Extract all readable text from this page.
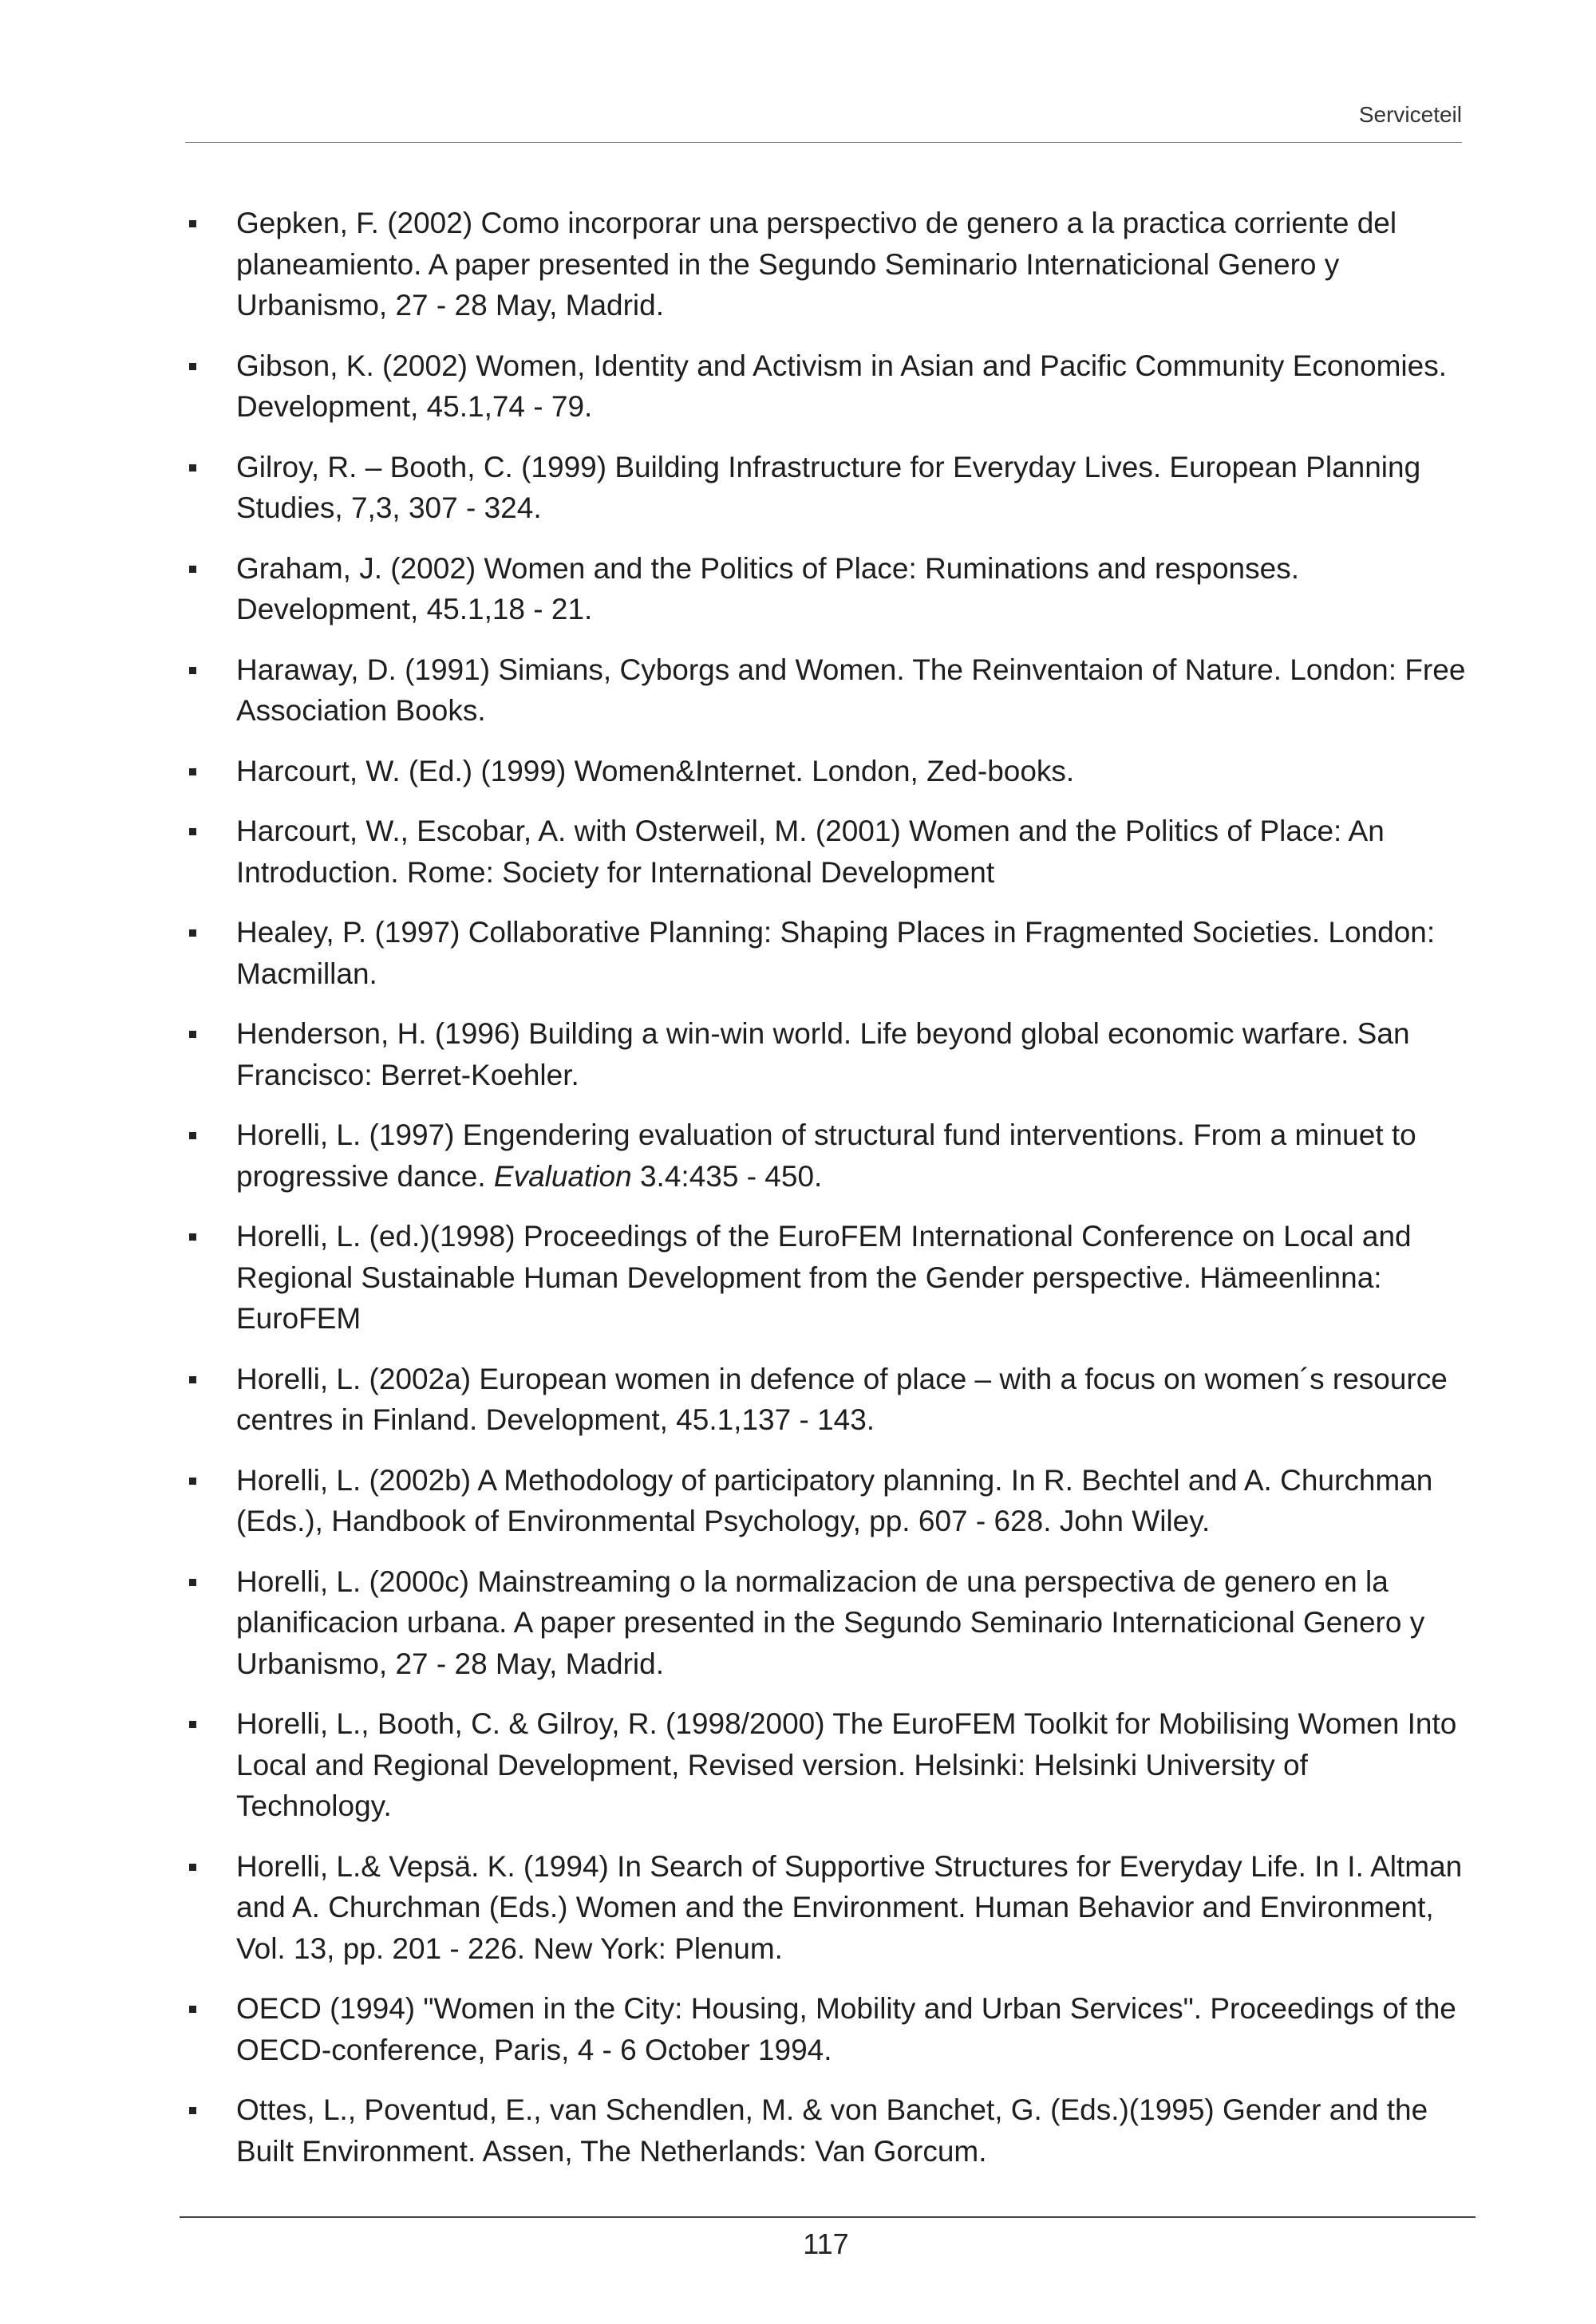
Serviceteil
Gepken, F. (2002) Como incorporar una perspectivo de genero a la practica corriente del planeamiento. A paper presented in the Segundo Seminario Internaticional Genero y Urbanismo, 27 - 28 May, Madrid.
Gibson, K. (2002) Women, Identity and Activism in Asian and Pacific Community Economies. Development, 45.1,74 - 79.
Gilroy, R. – Booth, C. (1999) Building Infrastructure for Everyday Lives. European Planning Studies, 7,3, 307 - 324.
Graham, J. (2002) Women and the Politics of Place: Ruminations and responses. Development, 45.1,18 - 21.
Haraway, D. (1991) Simians, Cyborgs and Women. The Reinventaion of Nature. London: Free Association Books.
Harcourt, W. (Ed.) (1999) Women&Internet. London, Zed-books.
Harcourt, W., Escobar, A. with Osterweil, M. (2001) Women and the Politics of Place: An Introduction. Rome: Society for International Development
Healey, P. (1997) Collaborative Planning: Shaping Places in Fragmented Societies. London: Macmillan.
Henderson, H. (1996) Building a win-win world. Life beyond global economic warfare. San Francisco: Berret-Koehler.
Horelli, L. (1997) Engendering evaluation of structural fund interventions. From a minuet to progressive dance. Evaluation 3.4:435 - 450.
Horelli, L. (ed.)(1998) Proceedings of the EuroFEM International Conference on Local and Regional Sustainable Human Development from the Gender perspective. Hämeenlinna: EuroFEM
Horelli, L. (2002a) European women in defence of place – with a focus on women´s resource centres in Finland. Development, 45.1,137 - 143.
Horelli, L. (2002b) A Methodology of participatory planning. In R. Bechtel and A. Churchman (Eds.), Handbook of Environmental Psychology, pp. 607 - 628. John Wiley.
Horelli, L. (2000c) Mainstreaming o la normalizacion de una perspectiva de genero en la planificacion urbana. A paper presented in the Segundo Seminario Internaticional Genero y Urbanismo, 27 - 28 May, Madrid.
Horelli, L., Booth, C. & Gilroy, R. (1998/2000) The EuroFEM Toolkit for Mobilising Women Into Local and Regional Development, Revised version. Helsinki: Helsinki University of Technology.
Horelli, L.& Vepsä. K. (1994) In Search of Supportive Structures for Everyday Life. In I. Altman and A. Churchman (Eds.) Women and the Environment. Human Behavior and Environment, Vol. 13, pp. 201 - 226. New York: Plenum.
OECD (1994) "Women in the City: Housing, Mobility and Urban Services". Proceedings of the OECD-conference, Paris, 4 - 6 October 1994.
Ottes, L., Poventud, E., van Schendlen, M. & von Banchet, G. (Eds.)(1995) Gender and the Built Environment. Assen, The Netherlands: Van Gorcum.
117
